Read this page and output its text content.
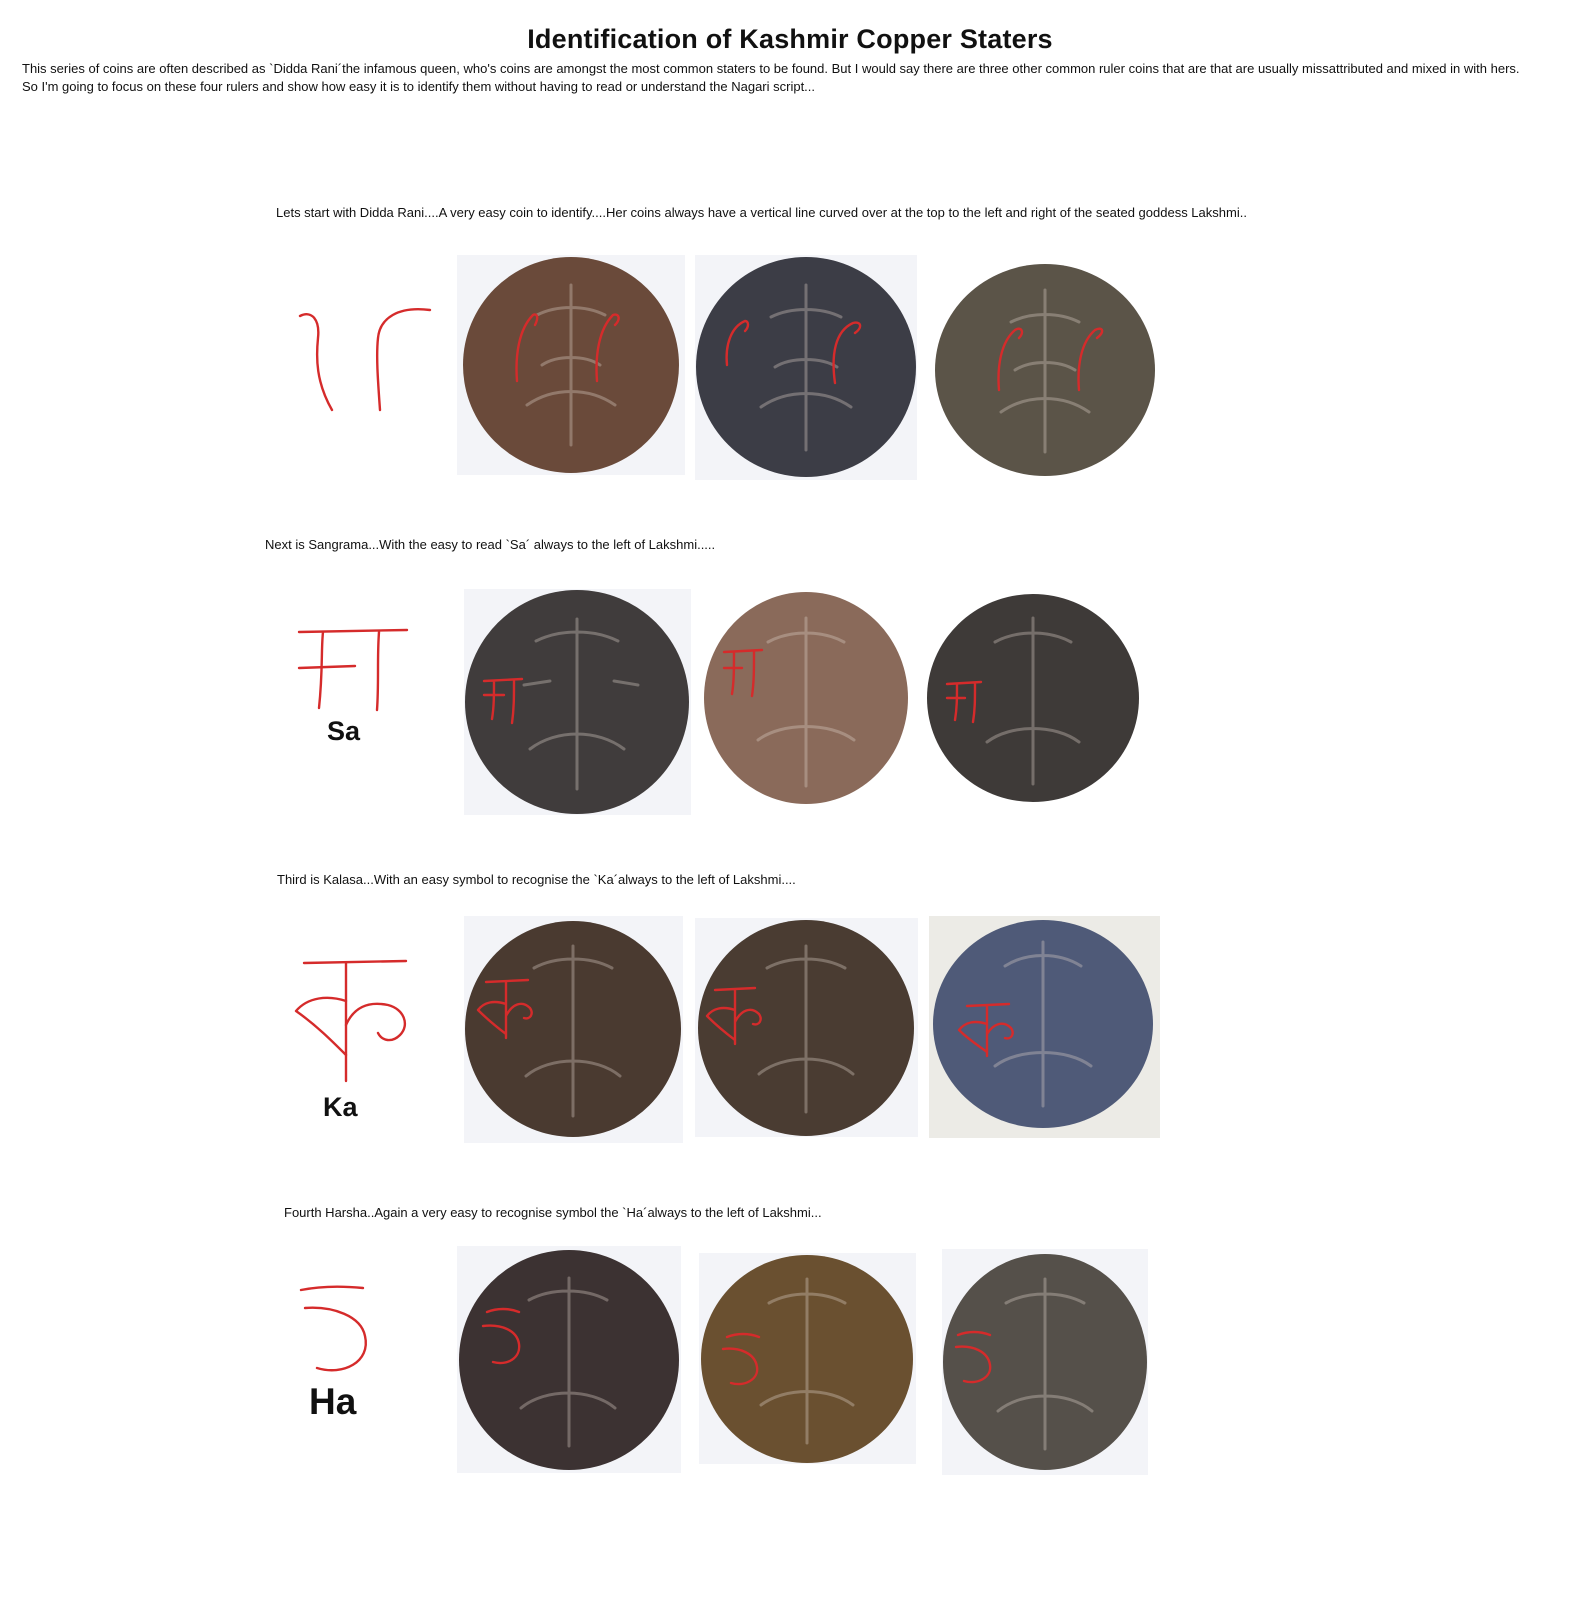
Identification of Kashmir Copper Staters
This series of coins are often described as `Didda Rani´the infamous queen, who's coins are amongst the most common staters to be found. But I would say there are three other common ruler coins that are that are usually missattributed and mixed in with hers. So I'm going to focus on these four rulers and show how easy it is to identify them without having to read or understand the Nagari script...
Lets start with Didda Rani....A very easy coin to identify....Her coins always have a vertical line curved over at the top to the left and right of the seated goddess Lakshmi..
Next is Sangrama...With the easy to read `Sa´ always to the left of Lakshmi.....
Sa
Third is Kalasa...With an easy symbol to recognise the `Ka´always to the left of Lakshmi....
Ka
Fourth Harsha..Again a very easy to recognise symbol the `Ha´always to the left of Lakshmi...
Ha
